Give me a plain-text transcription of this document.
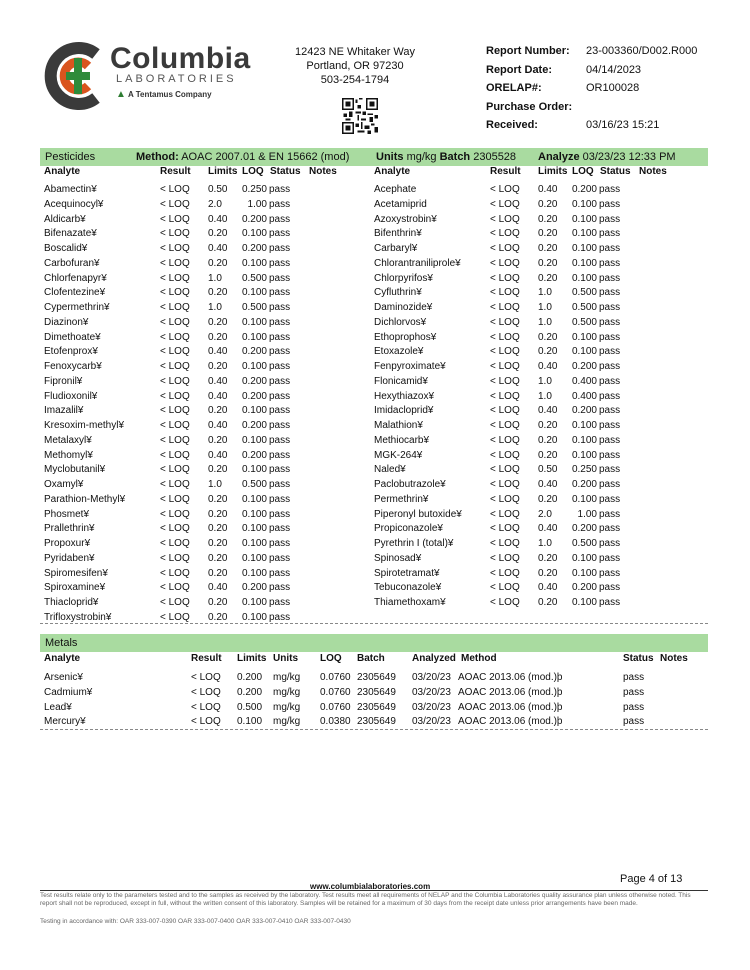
Columbia
LABORATORIES
▲ A Tentamus Company
12423 NE Whitaker Way
Portland, OR 97230
503-254-1794
Report Number:	23-003360/D002.R000
Report Date:	04/14/2023
ORELAP#:	OR100028
Purchase Order:
Received:	03/16/23 15:21
Pesticides	Method: AOAC 2007.01 & EN 15662 (mod) Units mg/kg Batch 2305528 Analyze 03/23/23 12:33 PM
Analyte	Result Limits LOQ Status Notes	Analyte	Result Limits LOQ Status Notes
Abamectin¥	< LOQ 0.50	0.250 pass
Acequinocyl¥	< LOQ 2.0	1.00 pass
Aldicarb¥	< LOQ 0.40	0.200 pass
Bifenazate¥	< LOQ 0.20	0.100 pass
Boscalid¥	< LOQ 0.40	0.200 pass
Carbofuran¥	< LOQ 0.20	0.100 pass
Chlorfenapyr¥	< LOQ 1.0	0.500 pass
Clofentezine¥	< LOQ 0.20	0.100 pass
Cypermethrin¥	< LOQ 1.0	0.500 pass
Diazinon¥	< LOQ 0.20	0.100 pass
Dimethoate¥	< LOQ 0.20	0.100 pass
Etofenprox¥	< LOQ 0.40	0.200 pass
Fenoxycarb¥	< LOQ 0.20	0.100 pass
Fipronil¥	< LOQ 0.40	0.200 pass
Fludioxonil¥	< LOQ 0.40	0.200 pass
Imazalil¥	< LOQ 0.20	0.100 pass
Kresoxim-methyl¥	< LOQ 0.40	0.200 pass
Metalaxyl¥	< LOQ 0.20	0.100 pass
Methomyl¥	< LOQ 0.40	0.200 pass
Myclobutanil¥	< LOQ 0.20	0.100 pass
Oxamyl¥	< LOQ 1.0	0.500 pass
Parathion-Methyl¥	< LOQ 0.20	0.100 pass
Phosmet¥	< LOQ 0.20	0.100 pass
Prallethrin¥	< LOQ 0.20	0.100 pass
Propoxur¥	< LOQ 0.20	0.100 pass
Pyridaben¥	< LOQ 0.20	0.100 pass
Spiromesifen¥	< LOQ 0.20	0.100 pass
Spiroxamine¥	< LOQ 0.40	0.200 pass
Thiacloprid¥	< LOQ 0.20	0.100 pass
Trifloxystrobin¥	< LOQ 0.20	0.100 pass
Acephate	< LOQ 0.40	0.200 pass
Acetamiprid	< LOQ 0.20	0.100 pass
Azoxystrobin¥	< LOQ 0.20	0.100 pass
Bifenthrin¥	< LOQ 0.20	0.100 pass
Carbaryl¥	< LOQ 0.20	0.100 pass
Chlorantraniliprole¥	< LOQ 0.20	0.100 pass
Chlorpyrifos¥	< LOQ 0.20	0.100 pass
Cyfluthrin¥	< LOQ 1.0	0.500 pass
Daminozide¥	< LOQ 1.0	0.500 pass
Dichlorvos¥	< LOQ 1.0	0.500 pass
Ethoprophos¥	< LOQ 0.20	0.100 pass
Etoxazole¥	< LOQ 0.20	0.100 pass
Fenpyroximate¥	< LOQ 0.40	0.200 pass
Flonicamid¥	< LOQ 1.0	0.400 pass
Hexythiazox¥	< LOQ 1.0	0.400 pass
Imidacloprid¥	< LOQ 0.40	0.200 pass
Malathion¥	< LOQ 0.20	0.100 pass
Methiocarb¥	< LOQ 0.20	0.100 pass
MGK-264¥	< LOQ 0.20	0.100 pass
Naled¥	< LOQ 0.50	0.250 pass
Paclobutrazole¥	< LOQ 0.40	0.200 pass
Permethrin¥	< LOQ 0.20	0.100 pass
Piperonyl butoxide¥	< LOQ 2.0	1.00 pass
Propiconazole¥	< LOQ 0.40	0.200 pass
Pyrethrin I (total)¥	< LOQ 1.0	0.500 pass
Spinosad¥	< LOQ 0.20	0.100 pass
Spirotetramat¥	< LOQ 0.20	0.100 pass
Tebuconazole¥	< LOQ 0.40	0.200 pass
Thiamethoxam¥	< LOQ 0.20	0.100 pass
Metals
Analyte	Result Limits Units LOQ Batch	Analyzed Method	Status Notes
Arsenic¥	< LOQ 0.200 mg/kg 0.0760 2305649 03/20/23 AOAC 2013.06 (mod.)þ	pass
Cadmium¥	< LOQ 0.200 mg/kg 0.0760 2305649 03/20/23 AOAC 2013.06 (mod.)þ	pass
Lead¥	< LOQ 0.500 mg/kg 0.0760 2305649 03/20/23 AOAC 2013.06 (mod.)þ	pass
Mercury¥	< LOQ 0.100 mg/kg 0.0380 2305649 03/20/23 AOAC 2013.06 (mod.)þ	pass
Page 4 of 13
www.columbialaboratories.com
Test results relate only to the parameters tested and to the samples as received by the laboratory. Test results meet all requirements of NELAP and the Columbia Laboratories quality assurance plan unless otherwise noted. This report shall not be reproduced, except in full, without the written consent of this laboratory. Samples will be retained for a maximum of 30 days from the receipt date unless prior arrangements have been made.
Testing in accordance with: OAR 333-007-0390 OAR 333-007-0400 OAR 333-007-0410 OAR 333-007-0430
